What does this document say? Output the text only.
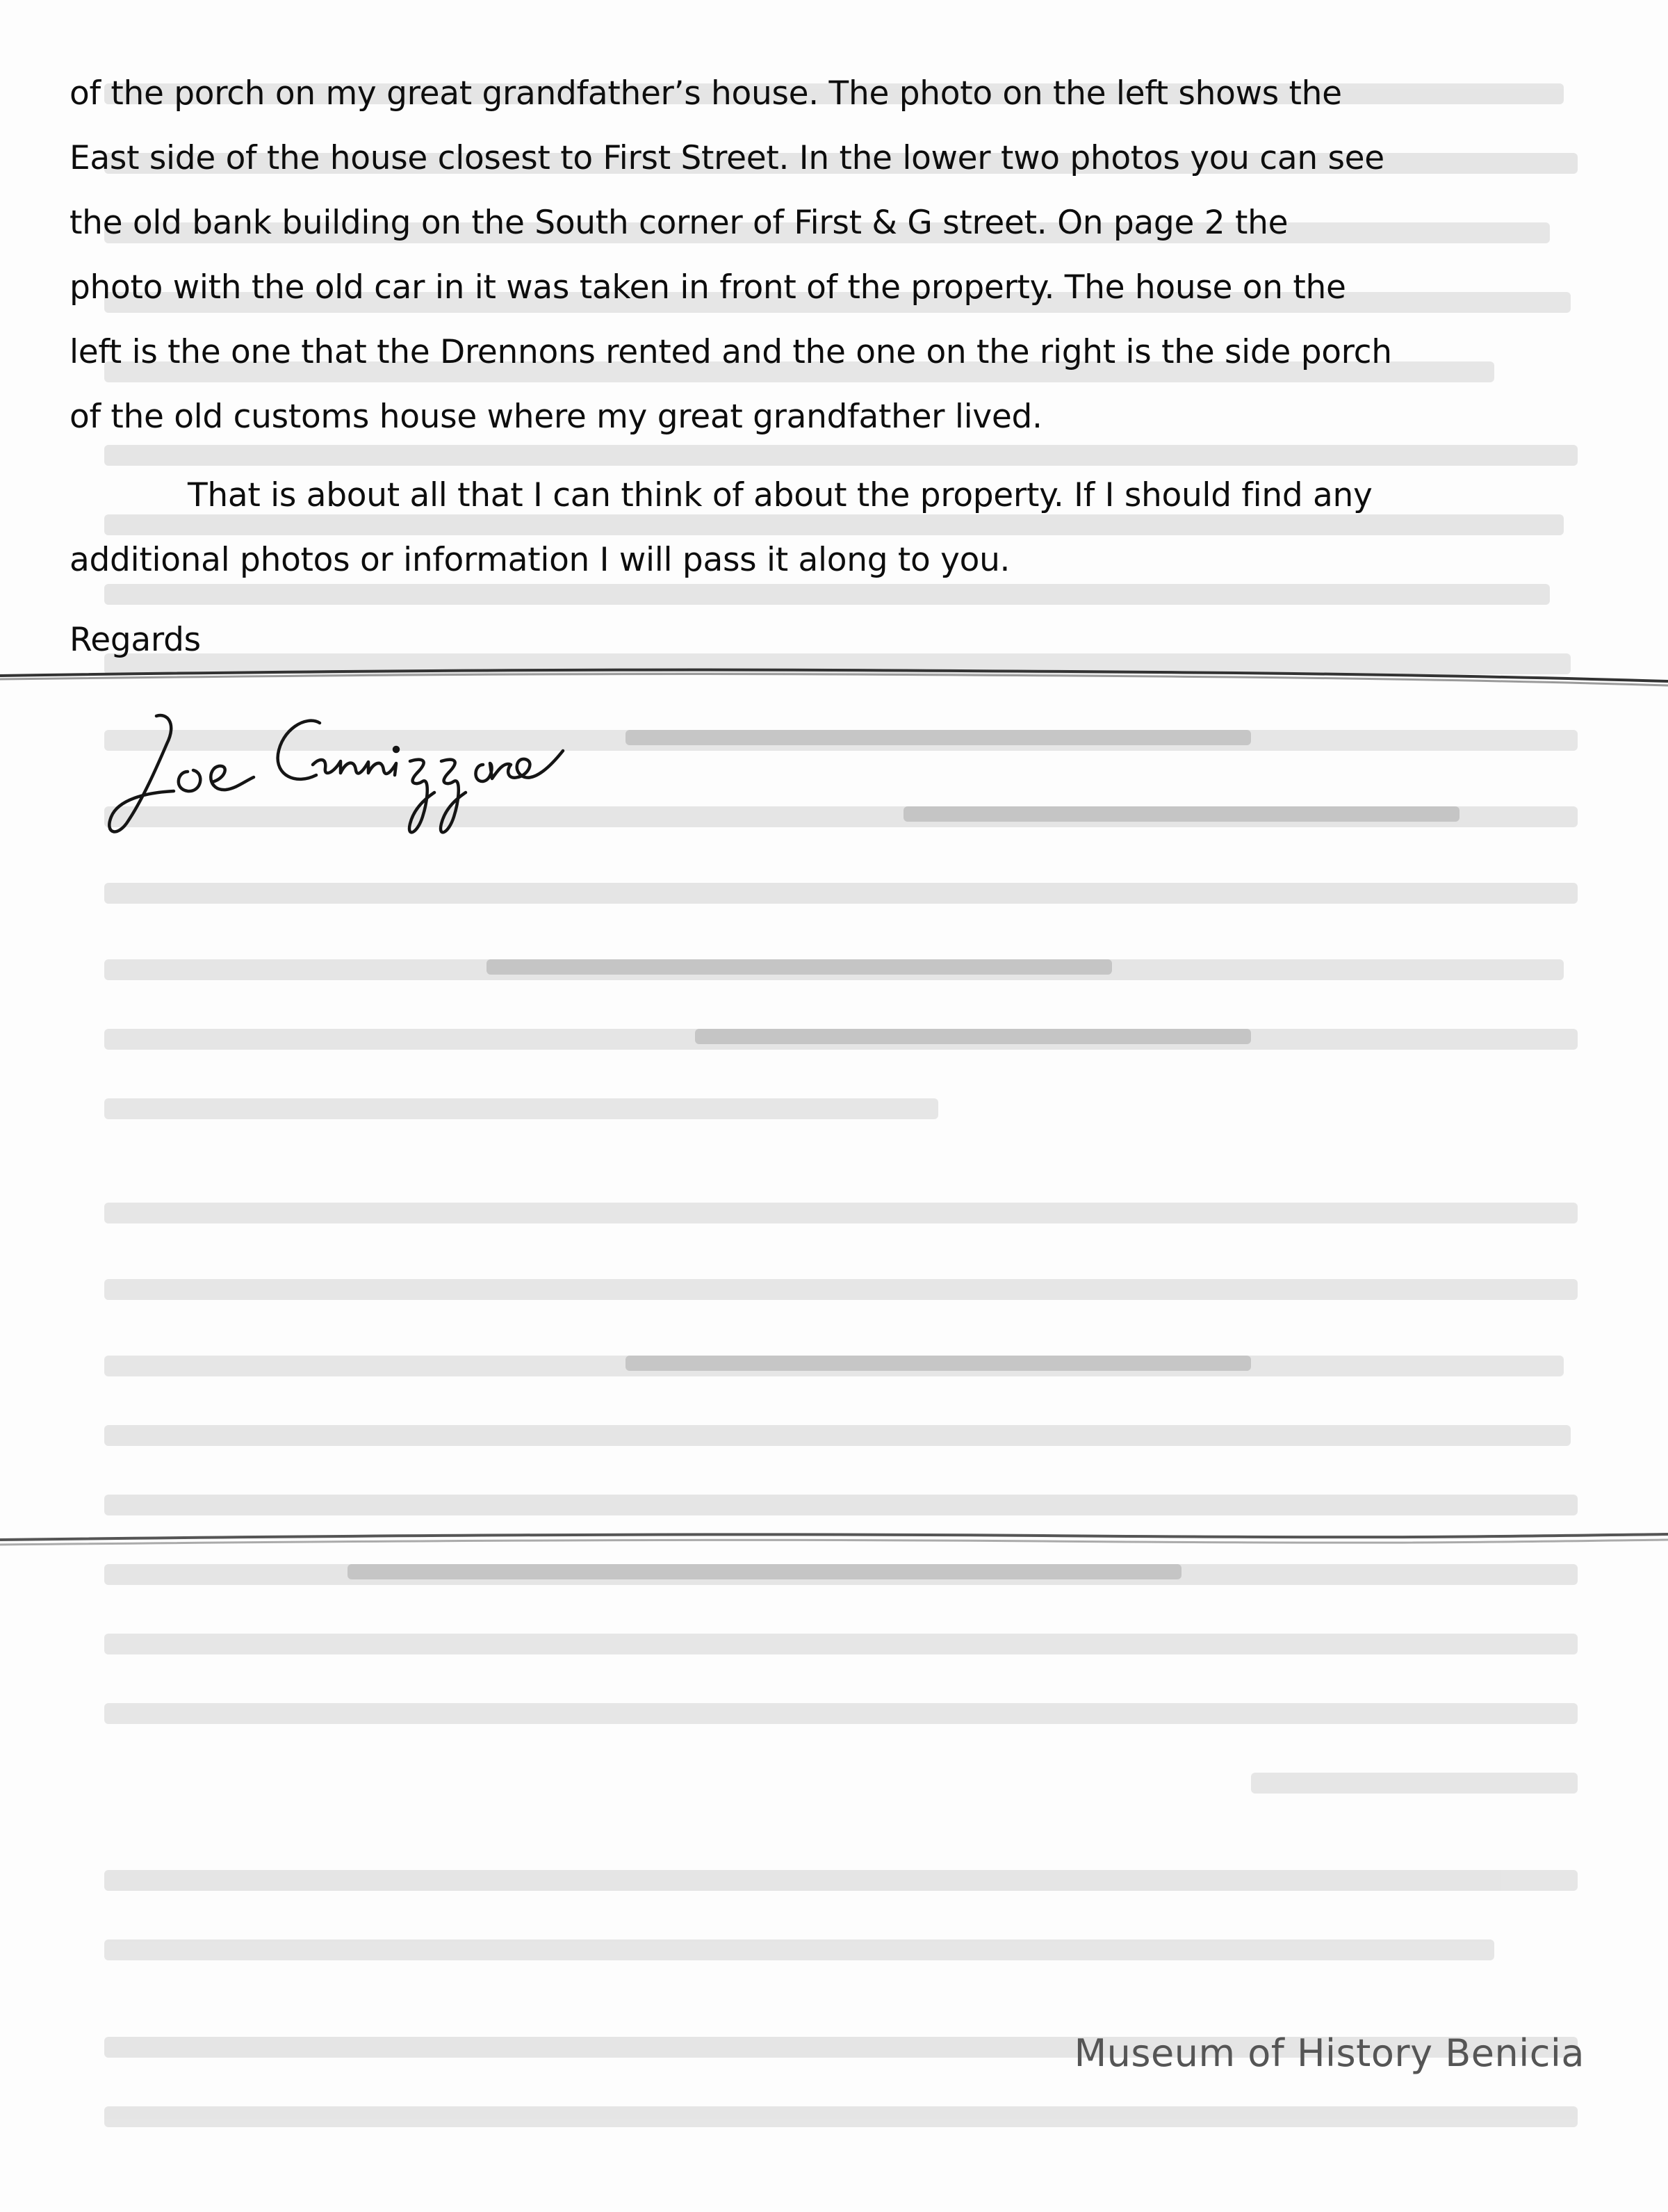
of the porch on my great grandfather’s house. The photo on the left shows the
East side of the house closest to First Street. In the lower two photos you can see
the old bank building on the South corner of First & G street. On page 2 the
photo with the old car in it was taken in front of the property. The house on the
left is the one that the Drennons rented and the one on the right is the side porch
of the old customs house where my great grandfather lived.
That is about all that I can think of about the property. If I should find any
additional photos or information I will pass it along to you.
Regards
Museum of History Benicia
